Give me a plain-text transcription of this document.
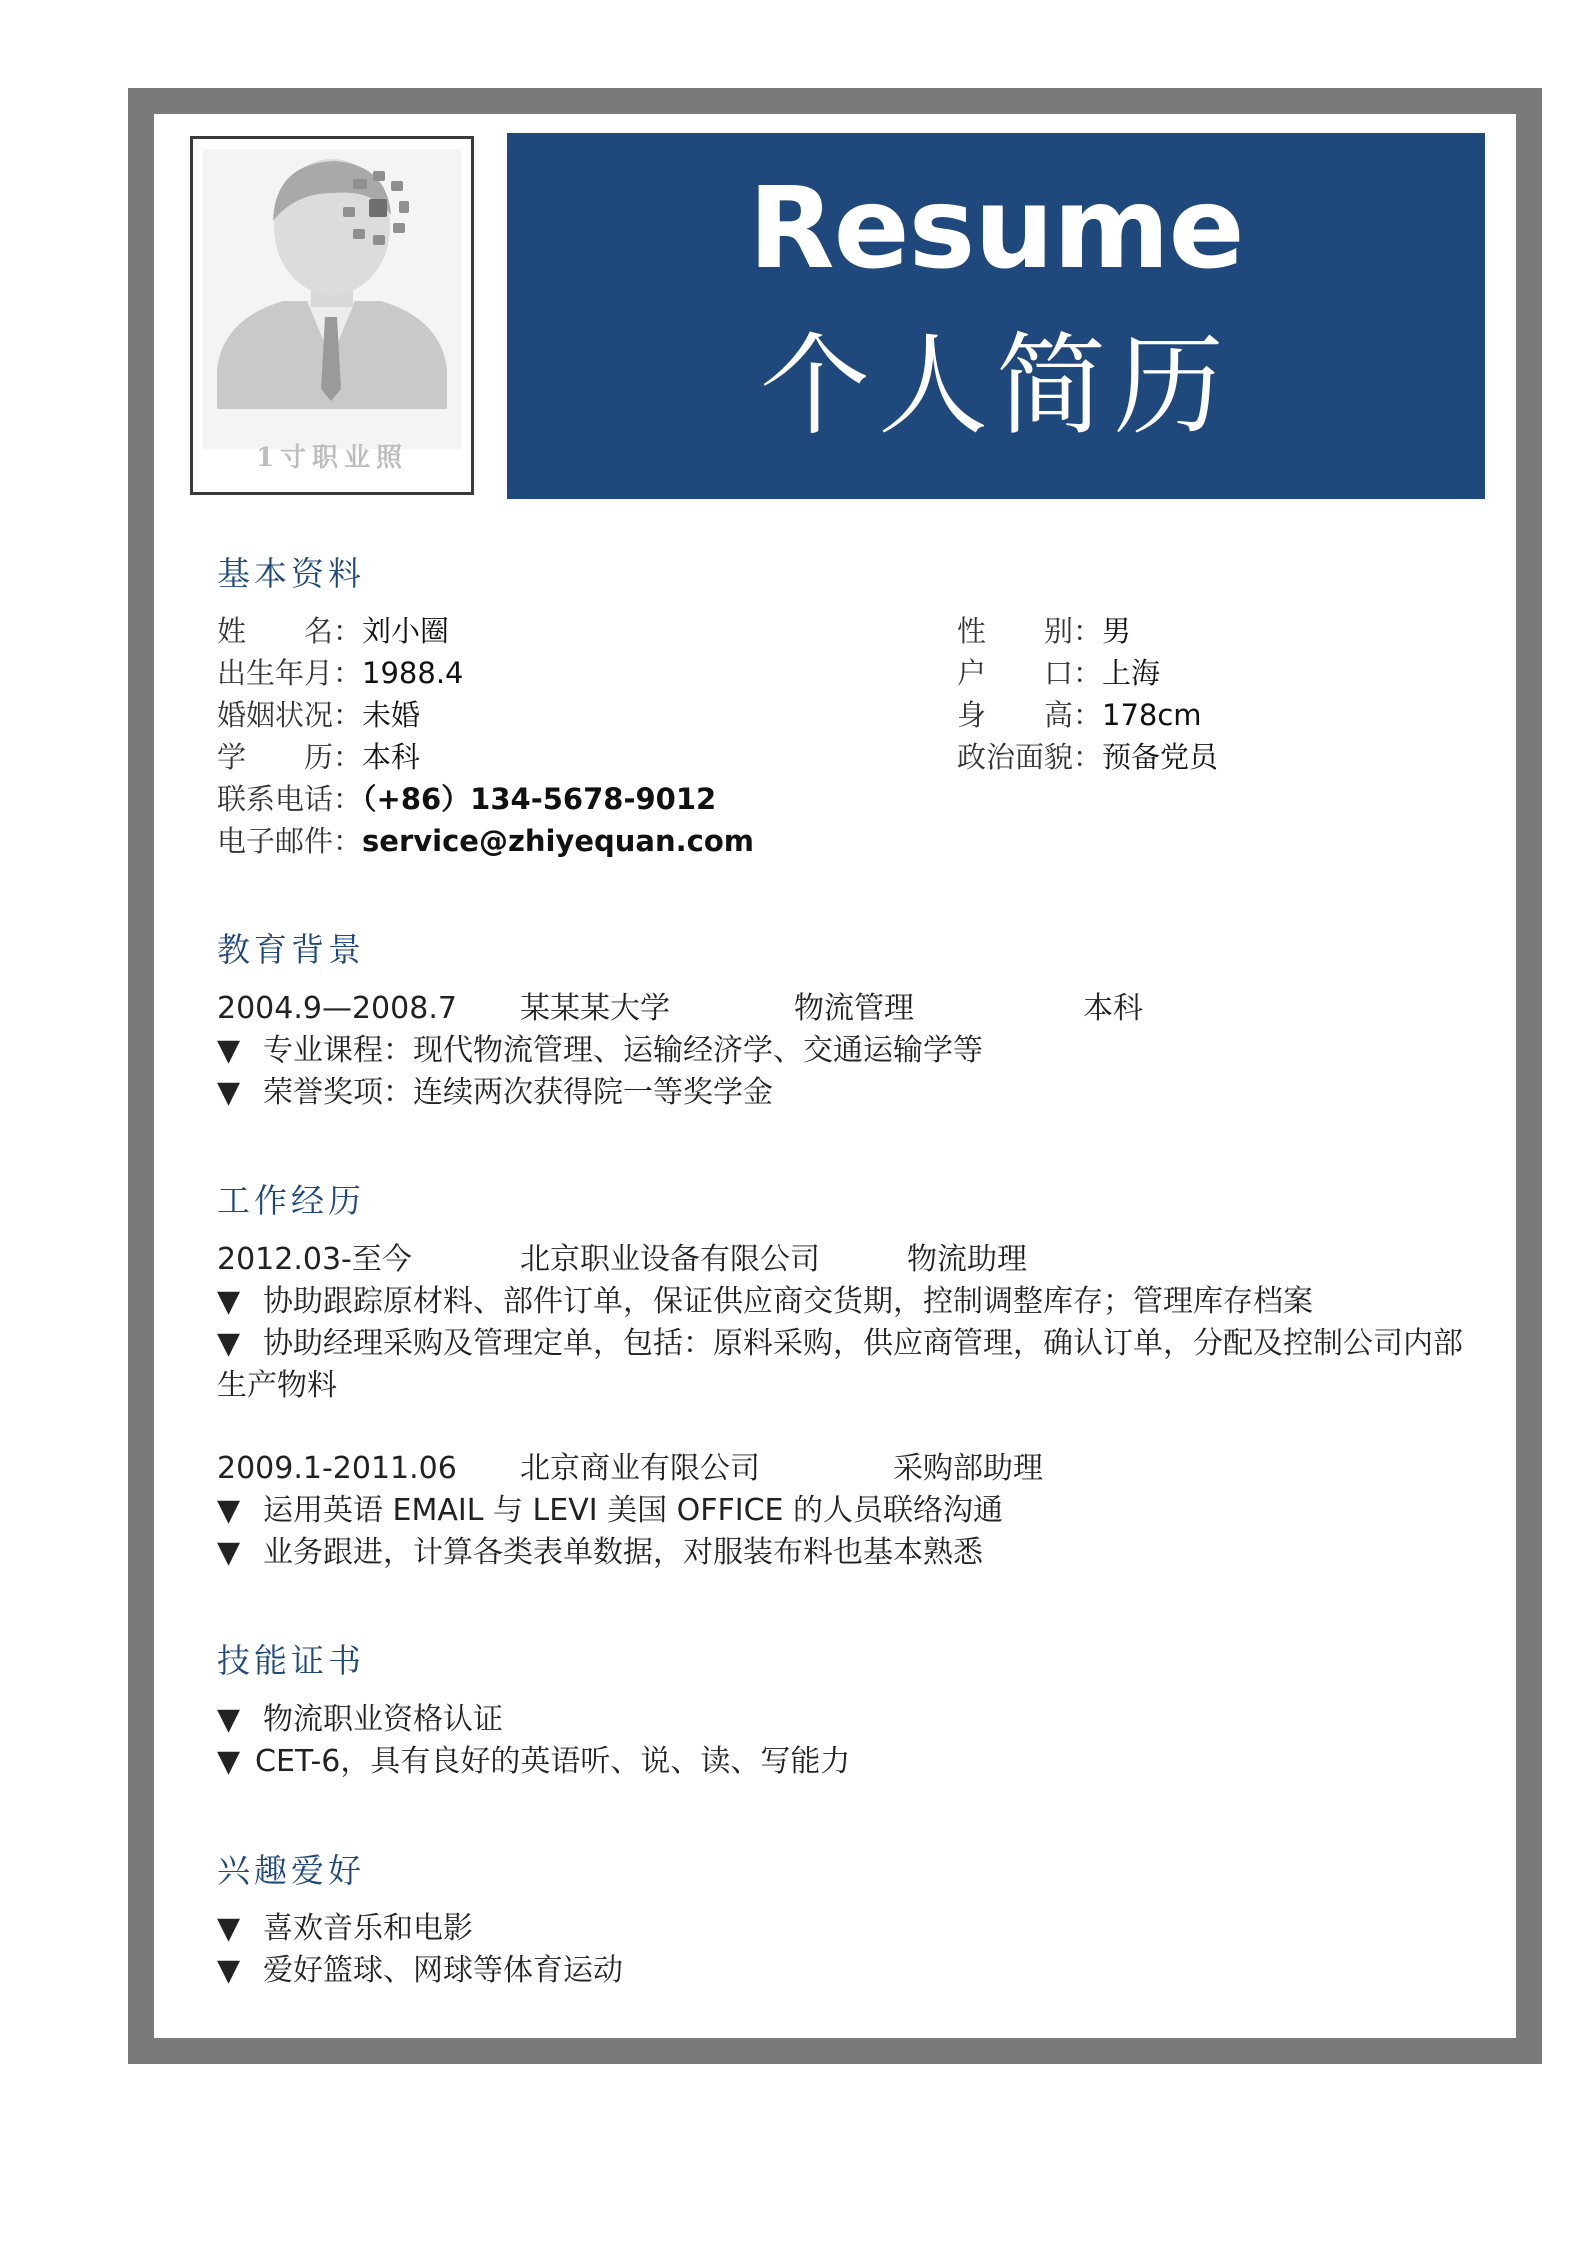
1寸职业照
Resume
个人简历
基本资料
姓　　名：刘小圈
出生年月：1988.4
婚姻状况：未婚
学　　历：本科
联系电话：（+86）134-5678-9012
电子邮件：service@zhiyequan.com
性　　别：男
户　　口：上海
身　　高：178cm
政治面貌：预备党员
教育背景
2004.9—2008.7 某某某大学	物流管理	本科
▼ 专业课程：现代物流管理、运输经济学、交通运输学等
▼ 荣誉奖项：连续两次获得院一等奖学金
工作经历
2012.03-至今	北京职业设备有限公司	物流助理
▼ 协助跟踪原材料、部件订单，保证供应商交货期，控制调整库存；管理库存档案
▼ 协助经理采购及管理定单，包括：原料采购，供应商管理，确认订单，分配及控制公司内部生产物料
2009.1-2011.06 北京商业有限公司	采购部助理
▼ 运用英语 EMAIL 与 LEVI 美国 OFFICE 的人员联络沟通
▼ 业务跟进，计算各类表单数据，对服装布料也基本熟悉
技能证书
▼ 物流职业资格认证
▼ CET-6，具有良好的英语听、说、读、写能力
兴趣爱好
▼ 喜欢音乐和电影
▼ 爱好篮球、网球等体育运动
